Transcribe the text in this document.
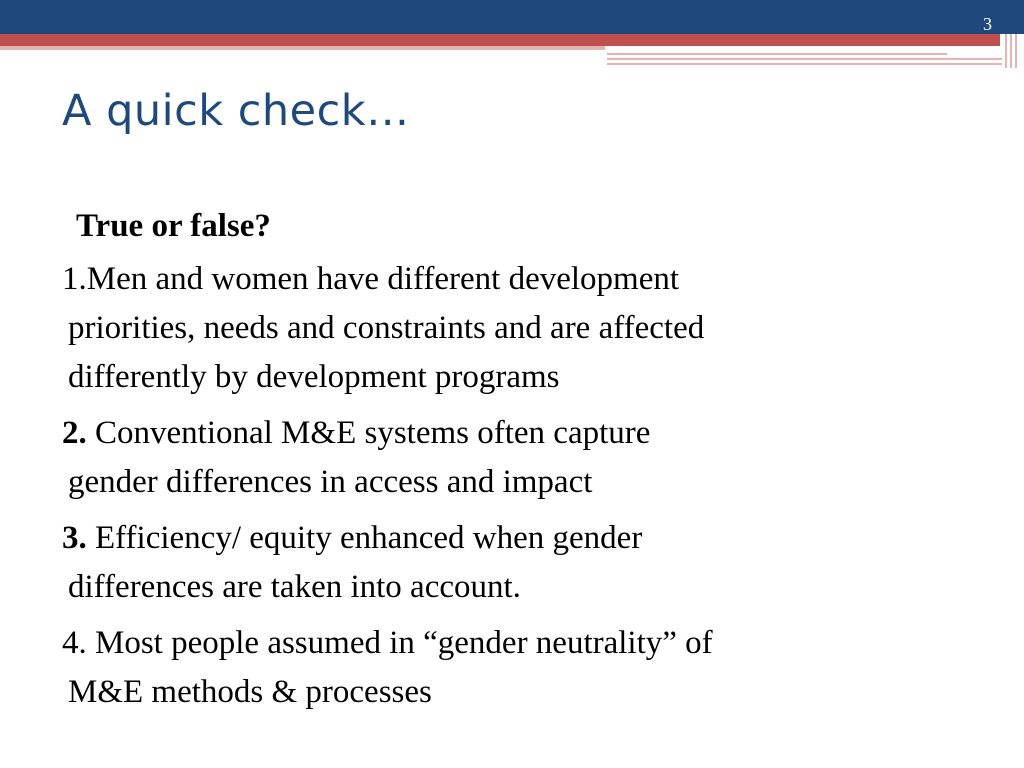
3
A quick check…

True or false?

1.Men and women have different development
priorities, needs and constraints and are affected
differently by development programs

2. Conventional M&E systems often capture
gender differences in access and impact

3. Efficiency/ equity enhanced when gender
differences are taken into account.

4. Most people assumed in “gender neutrality” of
M&E methods & processes
